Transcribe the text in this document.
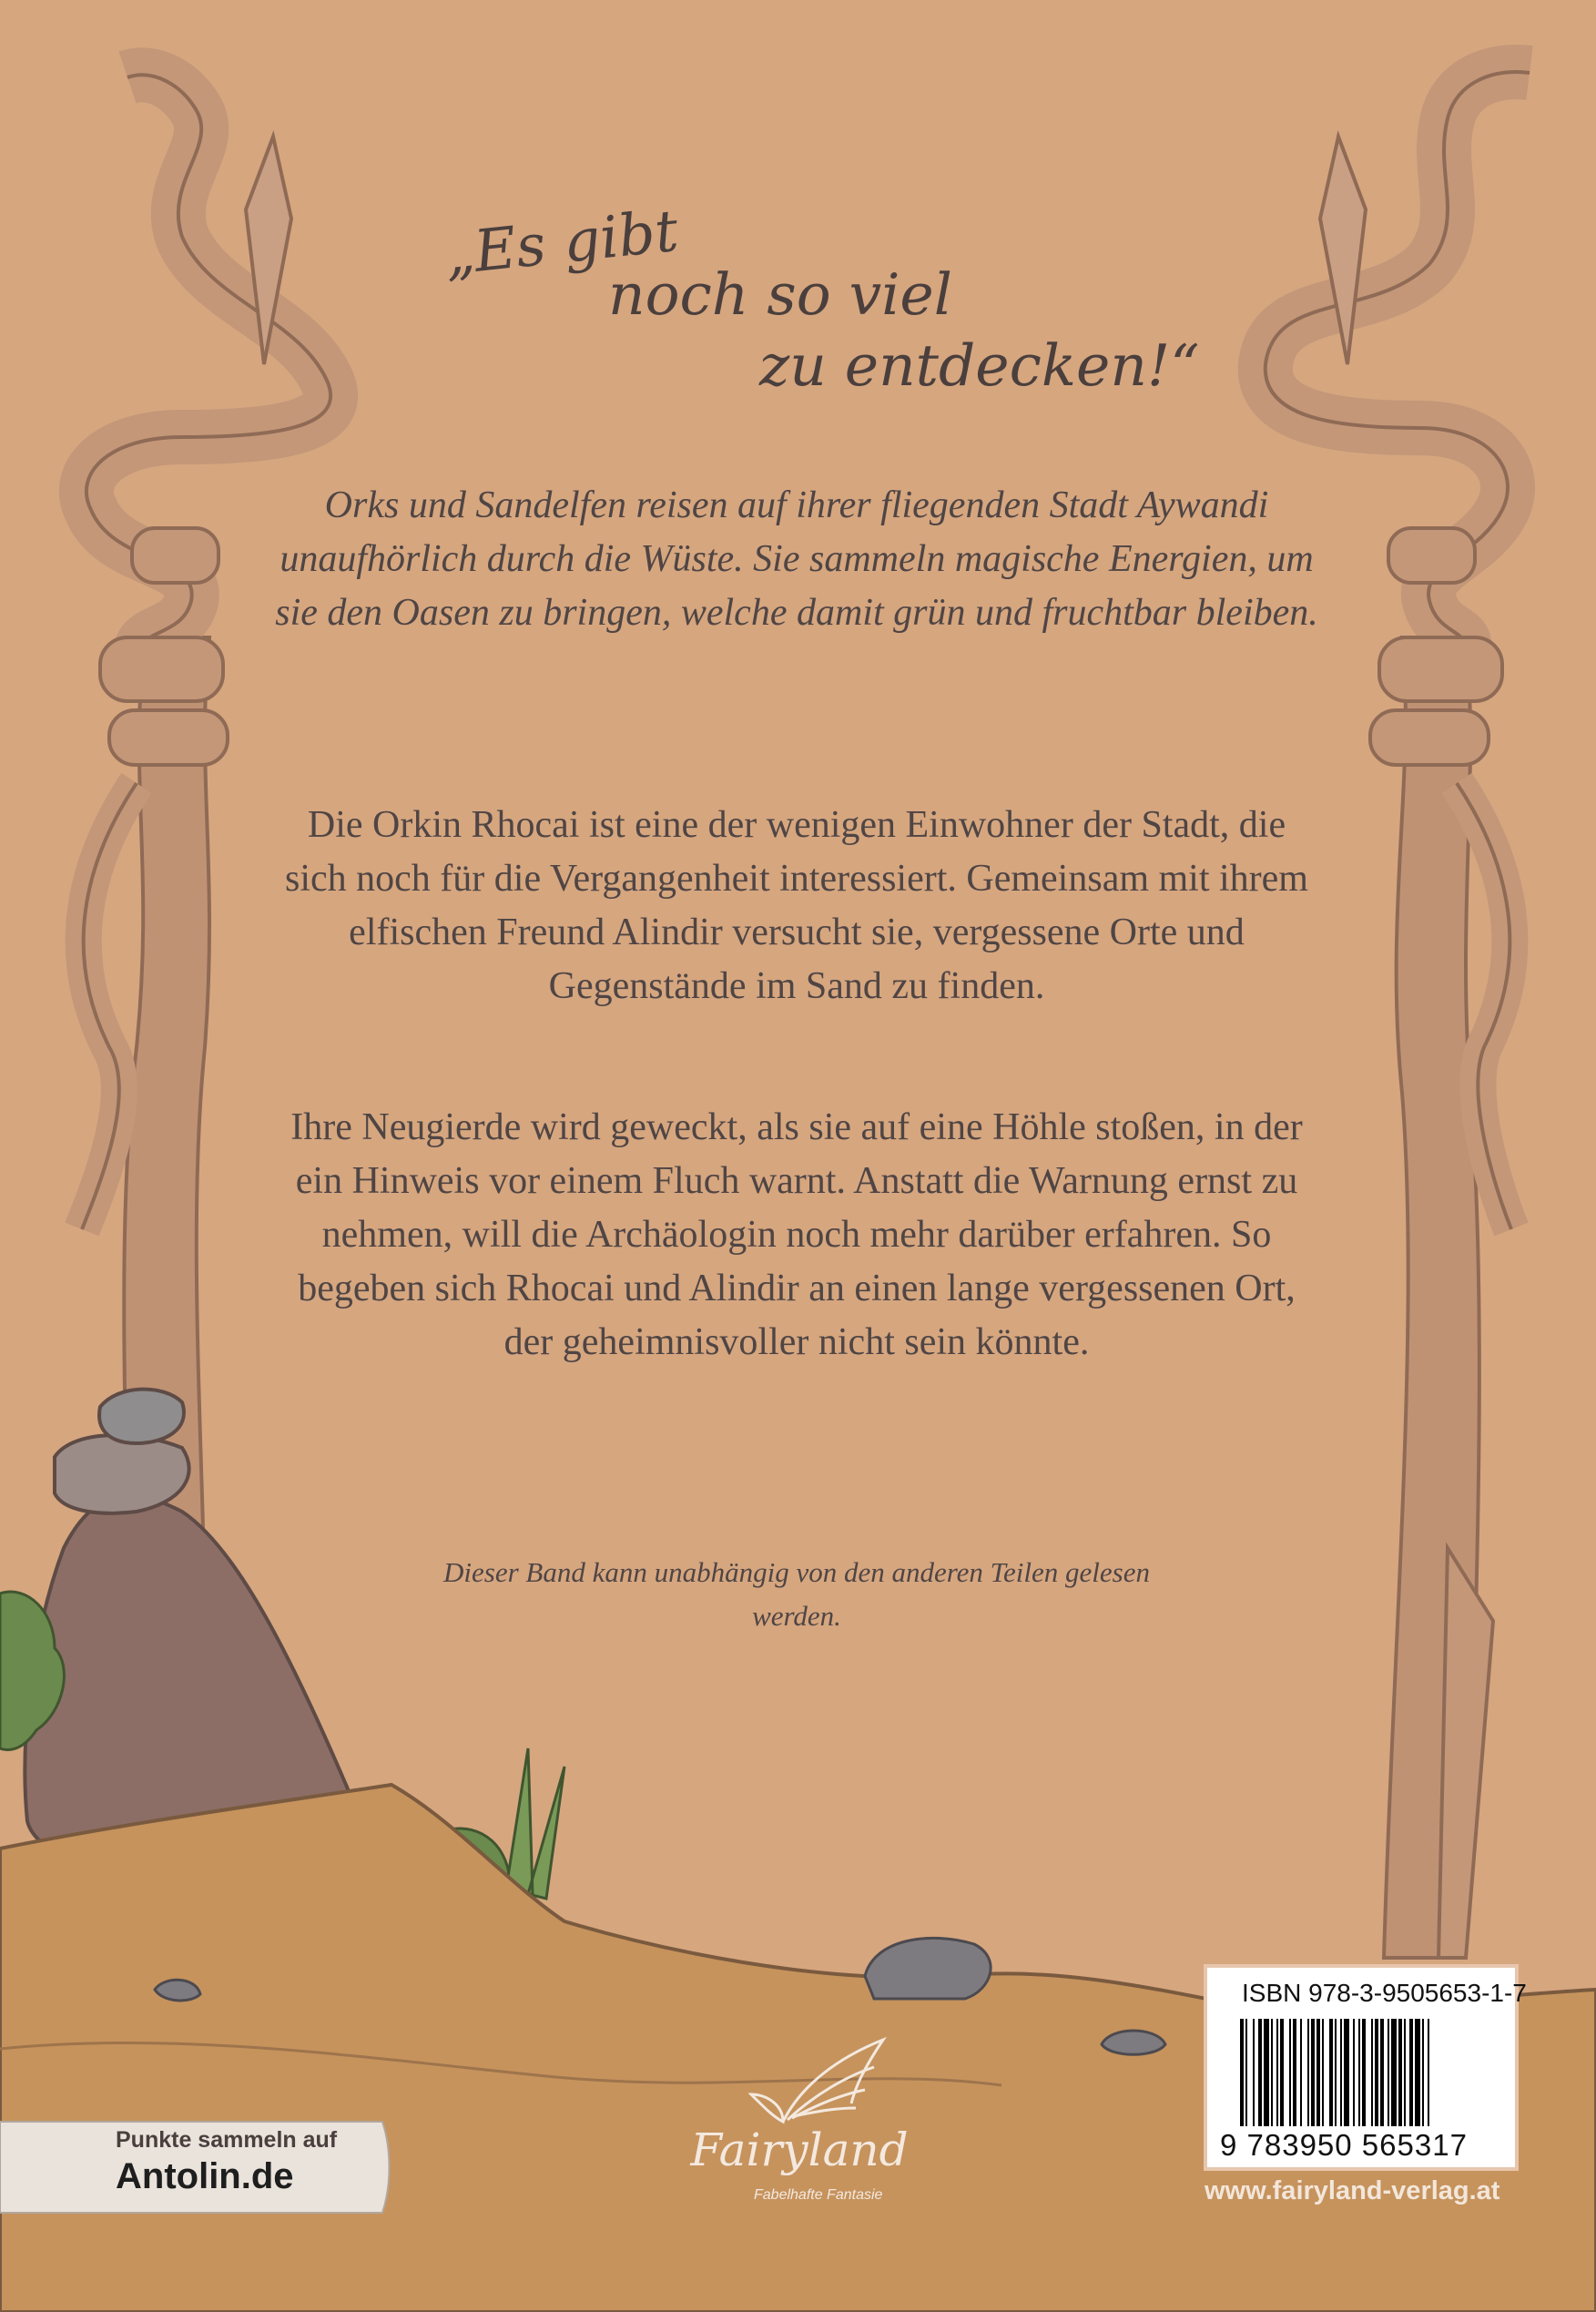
„Es gibt
noch so viel
zu entdecken!“
Orks und Sandelfen reisen auf ihrer fliegenden Stadt Aywandi unaufhörlich durch die Wüste. Sie sammeln magische Energien, um sie den Oasen zu bringen, welche damit grün und fruchtbar bleiben.
Die Orkin Rhocai ist eine der wenigen Einwohner der Stadt, die sich noch für die Vergangenheit interessiert. Gemeinsam mit ihrem elfischen Freund Alindir versucht sie, vergessene Orte und Gegenstände im Sand zu finden.
Ihre Neugierde wird geweckt, als sie auf eine Höhle stoßen, in der ein Hinweis vor einem Fluch warnt. Anstatt die Warnung ernst zu nehmen, will die Archäologin noch mehr darüber erfahren. So begeben sich Rhocai und Alindir an einen lange vergessenen Ort, der geheimnisvoller nicht sein könnte.
Dieser Band kann unabhängig von den anderen Teilen gelesen werden.
Punkte sammeln auf
Antolin.de	Fairyland
Fabelhafte Fantasie
ISBN 978-3-9505653-1-7
9 783950 565317
www.fairyland-verlag.at
